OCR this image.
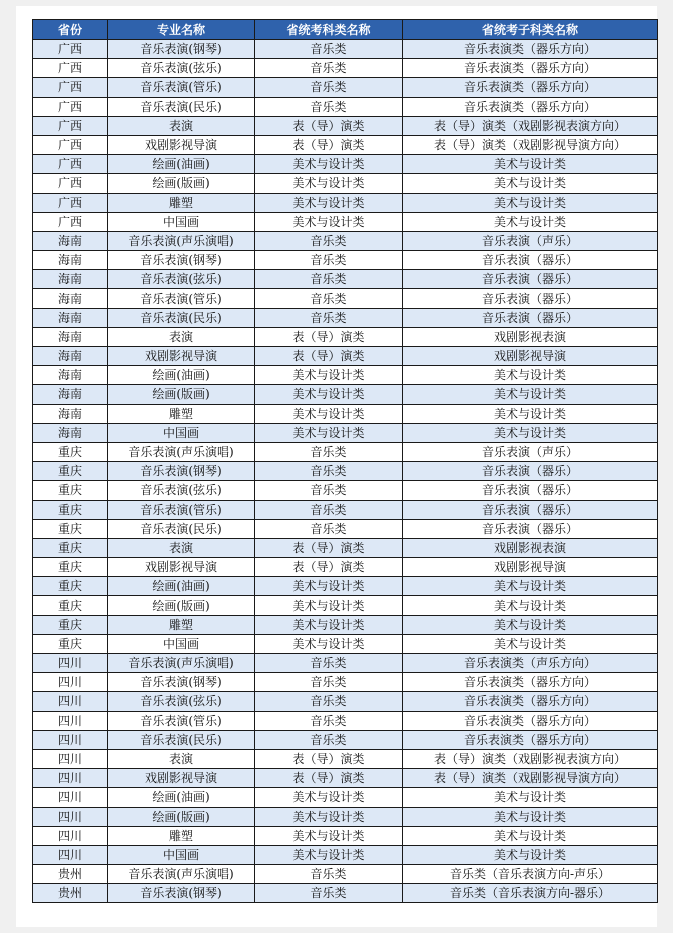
省份	专业名称	省统考科类名称	省统考子科类名称
广西	音乐表演(钢琴)	音乐类	音乐表演类（器乐方向）
广西	音乐表演(弦乐)	音乐类	音乐表演类（器乐方向）
广西	音乐表演(管乐)	音乐类	音乐表演类（器乐方向）
广西	音乐表演(民乐)	音乐类	音乐表演类（器乐方向）
广西	表演	表（导）演类	表（导）演类（戏剧影视表演方向）
广西	戏剧影视导演	表（导）演类	表（导）演类（戏剧影视导演方向）
广西	绘画(油画)	美术与设计类	美术与设计类
广西	绘画(版画)	美术与设计类	美术与设计类
广西	雕塑	美术与设计类	美术与设计类
广西	中国画	美术与设计类	美术与设计类
海南	音乐表演(声乐演唱)	音乐类	音乐表演（声乐）
海南	音乐表演(钢琴)	音乐类	音乐表演（器乐）
海南	音乐表演(弦乐)	音乐类	音乐表演（器乐）
海南	音乐表演(管乐)	音乐类	音乐表演（器乐）
海南	音乐表演(民乐)	音乐类	音乐表演（器乐）
海南	表演	表（导）演类	戏剧影视表演
海南	戏剧影视导演	表（导）演类	戏剧影视导演
海南	绘画(油画)	美术与设计类	美术与设计类
海南	绘画(版画)	美术与设计类	美术与设计类
海南	雕塑	美术与设计类	美术与设计类
海南	中国画	美术与设计类	美术与设计类
重庆	音乐表演(声乐演唱)	音乐类	音乐表演（声乐）
重庆	音乐表演(钢琴)	音乐类	音乐表演（器乐）
重庆	音乐表演(弦乐)	音乐类	音乐表演（器乐）
重庆	音乐表演(管乐)	音乐类	音乐表演（器乐）
重庆	音乐表演(民乐)	音乐类	音乐表演（器乐）
重庆	表演	表（导）演类	戏剧影视表演
重庆	戏剧影视导演	表（导）演类	戏剧影视导演
重庆	绘画(油画)	美术与设计类	美术与设计类
重庆	绘画(版画)	美术与设计类	美术与设计类
重庆	雕塑	美术与设计类	美术与设计类
重庆	中国画	美术与设计类	美术与设计类
四川	音乐表演(声乐演唱)	音乐类	音乐表演类（声乐方向）
四川	音乐表演(钢琴)	音乐类	音乐表演类（器乐方向）
四川	音乐表演(弦乐)	音乐类	音乐表演类（器乐方向）
四川	音乐表演(管乐)	音乐类	音乐表演类（器乐方向）
四川	音乐表演(民乐)	音乐类	音乐表演类（器乐方向）
四川	表演	表（导）演类	表（导）演类（戏剧影视表演方向）
四川	戏剧影视导演	表（导）演类	表（导）演类（戏剧影视导演方向）
四川	绘画(油画)	美术与设计类	美术与设计类
四川	绘画(版画)	美术与设计类	美术与设计类
四川	雕塑	美术与设计类	美术与设计类
四川	中国画	美术与设计类	美术与设计类
贵州	音乐表演(声乐演唱)	音乐类	音乐类（音乐表演方向-声乐）
贵州	音乐表演(钢琴)	音乐类	音乐类（音乐表演方向-器乐）
